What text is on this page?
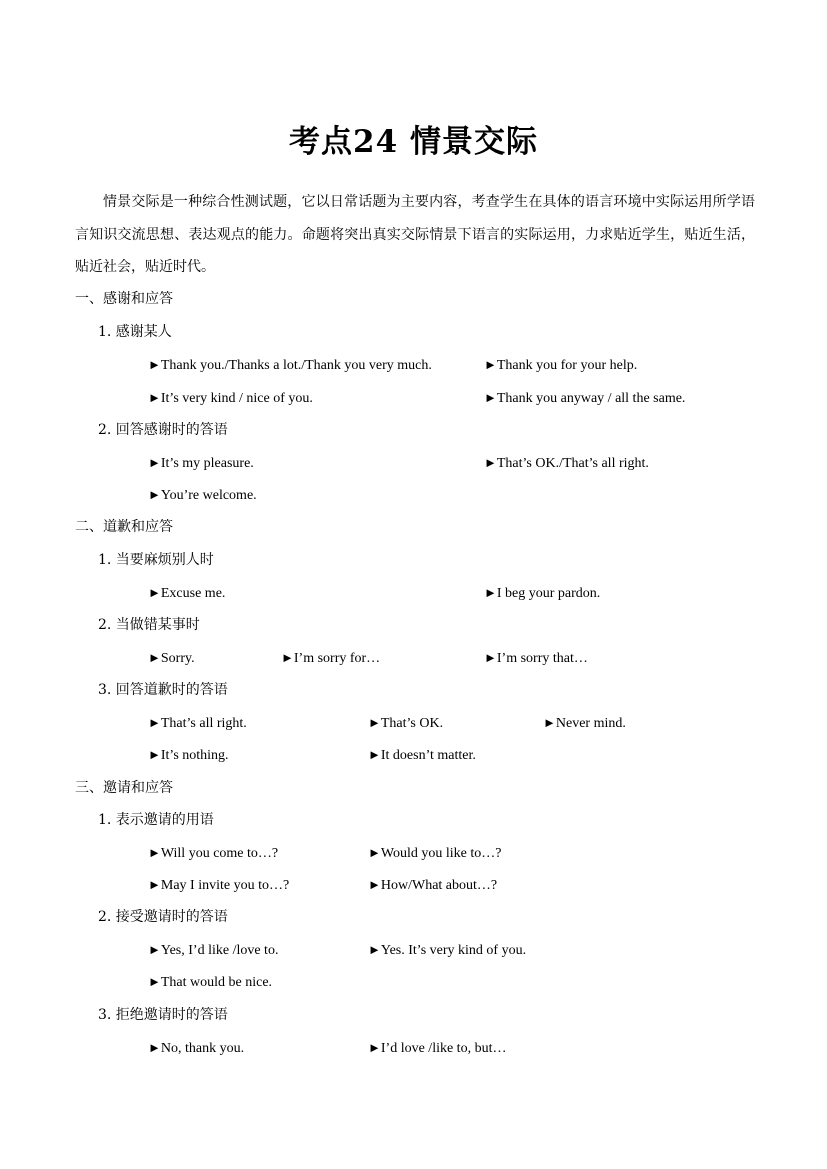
考点24 情景交际
情景交际是一种综合性测试题，它以日常话题为主要内容，考查学生在具体的语言环境中实际运用所学语言知识交流思想、表达观点的能力。命题将突出真实交际情景下语言的实际运用，力求贴近学生，贴近生活，贴近社会，贴近时代。
一、感谢和应答
1. 感谢某人
►Thank you./Thanks a lot./Thank you very much.	►Thank you for your help.
►It’s very kind / nice of you.	►Thank you anyway / all the same.
2. 回答感谢时的答语
►It’s my pleasure.	►That’s OK./That’s all right.
►You’re welcome.
二、道歉和应答
1. 当要麻烦别人时
►Excuse me.	►I beg your pardon.
2. 当做错某事时
►Sorry.	►I’m sorry for…	►I’m sorry that…
3. 回答道歉时的答语
►That’s all right.	►That’s OK.	►Never mind.
►It’s nothing.	►It doesn’t matter.
三、邀请和应答
1. 表示邀请的用语
►Will you come to…?	►Would you like to…?
►May I invite you to…?	►How/What about…?
2. 接受邀请时的答语
►Yes, I’d like /love to.	►Yes. It’s very kind of you.
►That would be nice.
3. 拒绝邀请时的答语
►No, thank you.	►I’d love /like to, but…
